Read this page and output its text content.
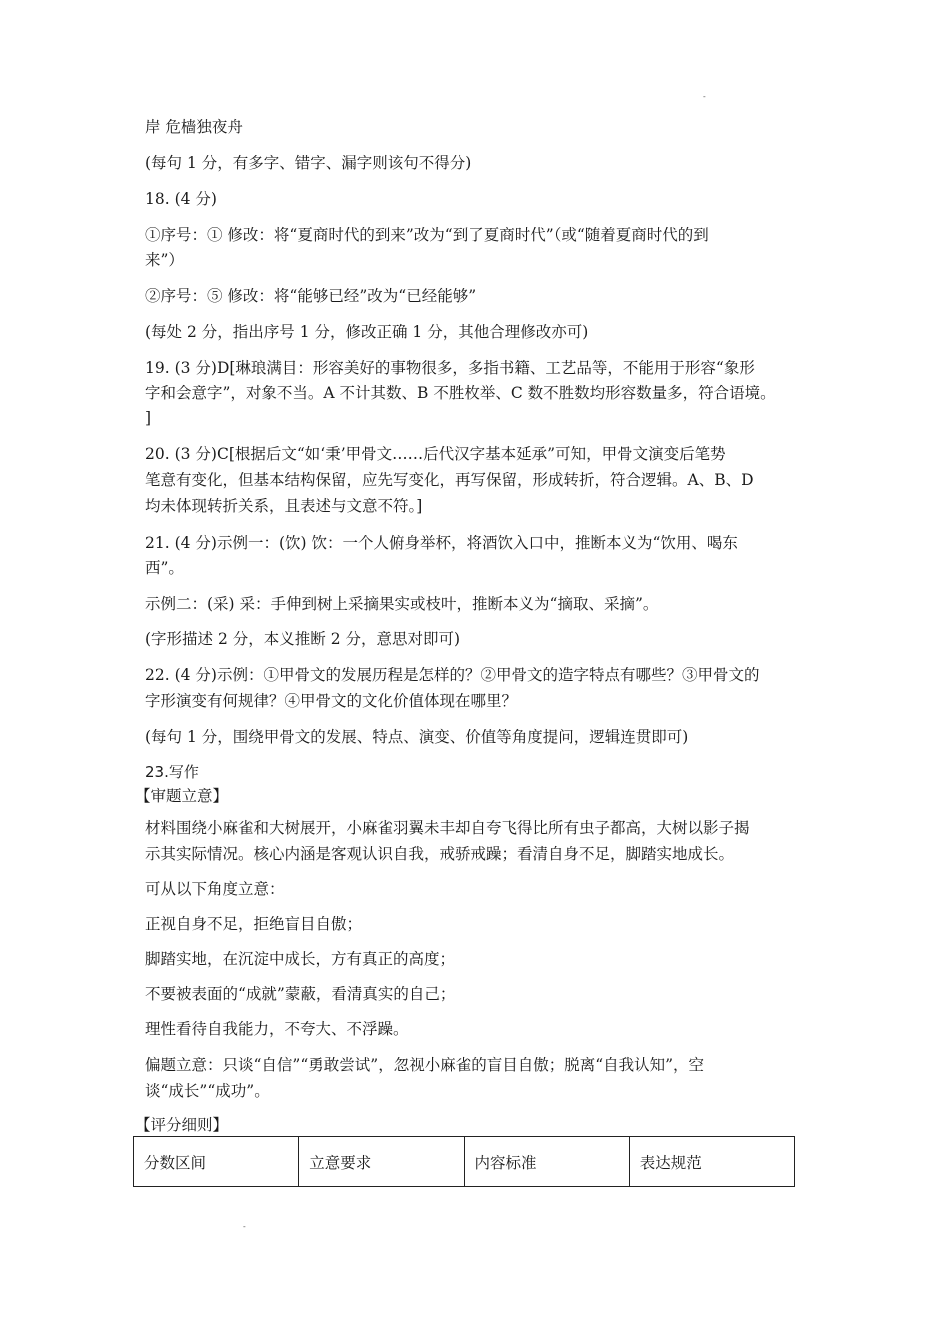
-
岸 危樯独夜舟
(每句 1 分，有多字、错字、漏字则该句不得分)
18. (4 分)
①序号：① 修改：将“夏商时代的到来”改为“到了夏商时代”（或“随着夏商时代的到
来”）
②序号：⑤ 修改：将“能够已经”改为“已经能够”
(每处 2 分，指出序号 1 分，修改正确 1 分，其他合理修改亦可)
19. (3 分)D[琳琅满目：形容美好的事物很多，多指书籍、工艺品等，不能用于形容“象形
字和会意字”，对象不当。A 不计其数、B 不胜枚举、C 数不胜数均形容数量多，符合语境。
]
20. (3 分)C[根据后文“如‘秉’甲骨文……后代汉字基本延承”可知，甲骨文演变后笔势
笔意有变化，但基本结构保留，应先写变化，再写保留，形成转折，符合逻辑。A、B、D
均未体现转折关系，且表述与文意不符。]
21. (4 分)示例一：(饮) 饮：一个人俯身举杯，将酒饮入口中，推断本义为“饮用、喝东
西”。
示例二：(采) 采：手伸到树上采摘果实或枝叶，推断本义为“摘取、采摘”。
(字形描述 2 分，本义推断 2 分，意思对即可)
22. (4 分)示例：①甲骨文的发展历程是怎样的？②甲骨文的造字特点有哪些？③甲骨文的
字形演变有何规律？④甲骨文的文化价值体现在哪里？
(每句 1 分，围绕甲骨文的发展、特点、演变、价值等角度提问，逻辑连贯即可)
23.写作
【审题立意】
材料围绕小麻雀和大树展开，小麻雀羽翼未丰却自夸飞得比所有虫子都高，大树以影子揭
示其实际情况。核心内涵是客观认识自我，戒骄戒躁；看清自身不足，脚踏实地成长。
可从以下角度立意：
正视自身不足，拒绝盲目自傲；
脚踏实地，在沉淀中成长，方有真正的高度；
不要被表面的“成就”蒙蔽，看清真实的自己；
理性看待自我能力，不夸大、不浮躁。
偏题立意：只谈“自信”“勇敢尝试”，忽视小麻雀的盲目自傲；脱离“自我认知”，空
谈“成长”“成功”。
【评分细则】
分数区间	立意要求	内容标准	表达规范
-
